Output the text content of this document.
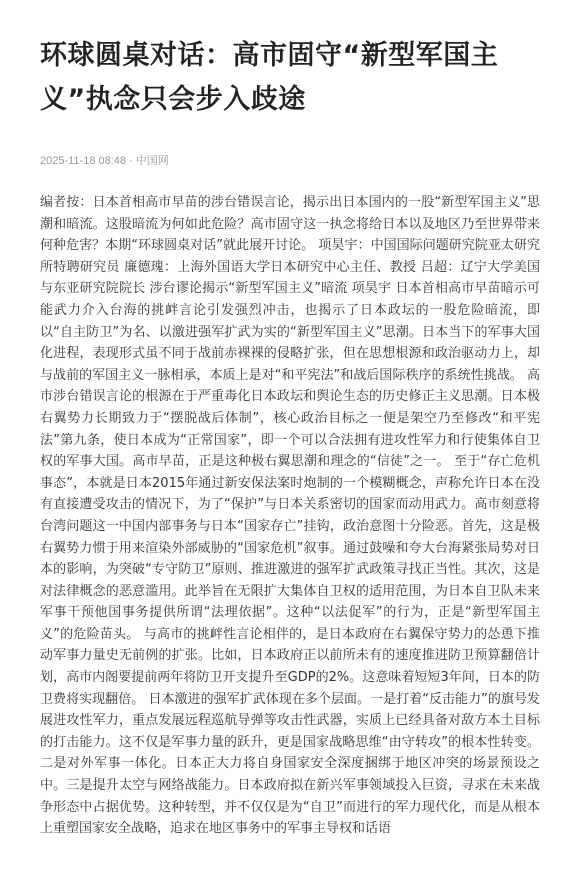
环球圆桌对话：高市固守“新型军国主义”执念只会步入歧途
2025-11-18 08:48 · 中国网
编者按：日本首相高市早苗的涉台错误言论，揭示出日本国内的一股“新型军国主义”思潮和暗流。这股暗流为何如此危险？高市固守这一执念将给日本以及地区乃至世界带来何种危害？本期“环球圆桌对话”就此展开讨论。 项昊宇：中国国际问题研究院亚太研究所特聘研究员 廉德瑰：上海外国语大学日本研究中心主任、教授 吕超：辽宁大学美国与东亚研究院院长 涉台谬论揭示“新型军国主义”暗流 项昊宇 日本首相高市早苗暗示可能武力介入台海的挑衅言论引发强烈冲击，也揭示了日本政坛的一股危险暗流，即以“自主防卫”为名、以激进强军扩武为实的“新型军国主义”思潮。日本当下的军事大国化进程，表现形式虽不同于战前赤裸裸的侵略扩张，但在思想根源和政治驱动力上，却与战前的军国主义一脉相承，本质上是对“和平宪法”和战后国际秩序的系统性挑战。 高市涉台错误言论的根源在于严重毒化日本政坛和舆论生态的历史修正主义思潮。日本极右翼势力长期致力于“摆脱战后体制”，核心政治目标之一便是架空乃至修改“和平宪法”第九条，使日本成为“正常国家”，即一个可以合法拥有进攻性军力和行使集体自卫权的军事大国。高市早苗，正是这种极右翼思潮和理念的“信徒”之一。 至于“存亡危机事态”，本就是日本2015年通过新安保法案时炮制的一个模糊概念，声称允许日本在没有直接遭受攻击的情况下，为了“保护”与日本关系密切的国家而动用武力。高市刻意将台湾问题这一中国内部事务与日本“国家存亡”挂钩，政治意图十分险恶。首先，这是极右翼势力惯于用来渲染外部威胁的“国家危机”叙事。通过鼓噪和夸大台海紧张局势对日本的影响，为突破“专守防卫”原则、推进激进的强军扩武政策寻找正当性。其次，这是对法律概念的恶意滥用。此举旨在无限扩大集体自卫权的适用范围，为日本自卫队未来军事干预他国事务提供所谓“法理依据”。这种“以法促军”的行为，正是“新型军国主义”的危险苗头。 与高市的挑衅性言论相伴的，是日本政府在右翼保守势力的怂恿下推动军事力量史无前例的扩张。比如，日本政府正以前所未有的速度推进防卫预算翻倍计划，高市内阁要提前两年将防卫开支提升至GDP的2%。这意味着短短3年间，日本的防卫费将实现翻倍。 日本激进的强军扩武体现在多个层面。一是打着“反击能力”的旗号发展进攻性军力，重点发展远程巡航导弹等攻击性武器，实质上已经具备对敌方本土目标的打击能力。这不仅是军事力量的跃升，更是国家战略思维“由守转攻”的根本性转变。二是对外军事一体化。日本正大力将自身国家安全深度捆绑于地区冲突的场景预设之中。三是提升太空与网络战能力。日本政府拟在新兴军事领域投入巨资，寻求在未来战争形态中占据优势。这种转型，并不仅仅是为“自卫”而进行的军力现代化，而是从根本上重塑国家安全战略，追求在地区事务中的军事主导权和话语
